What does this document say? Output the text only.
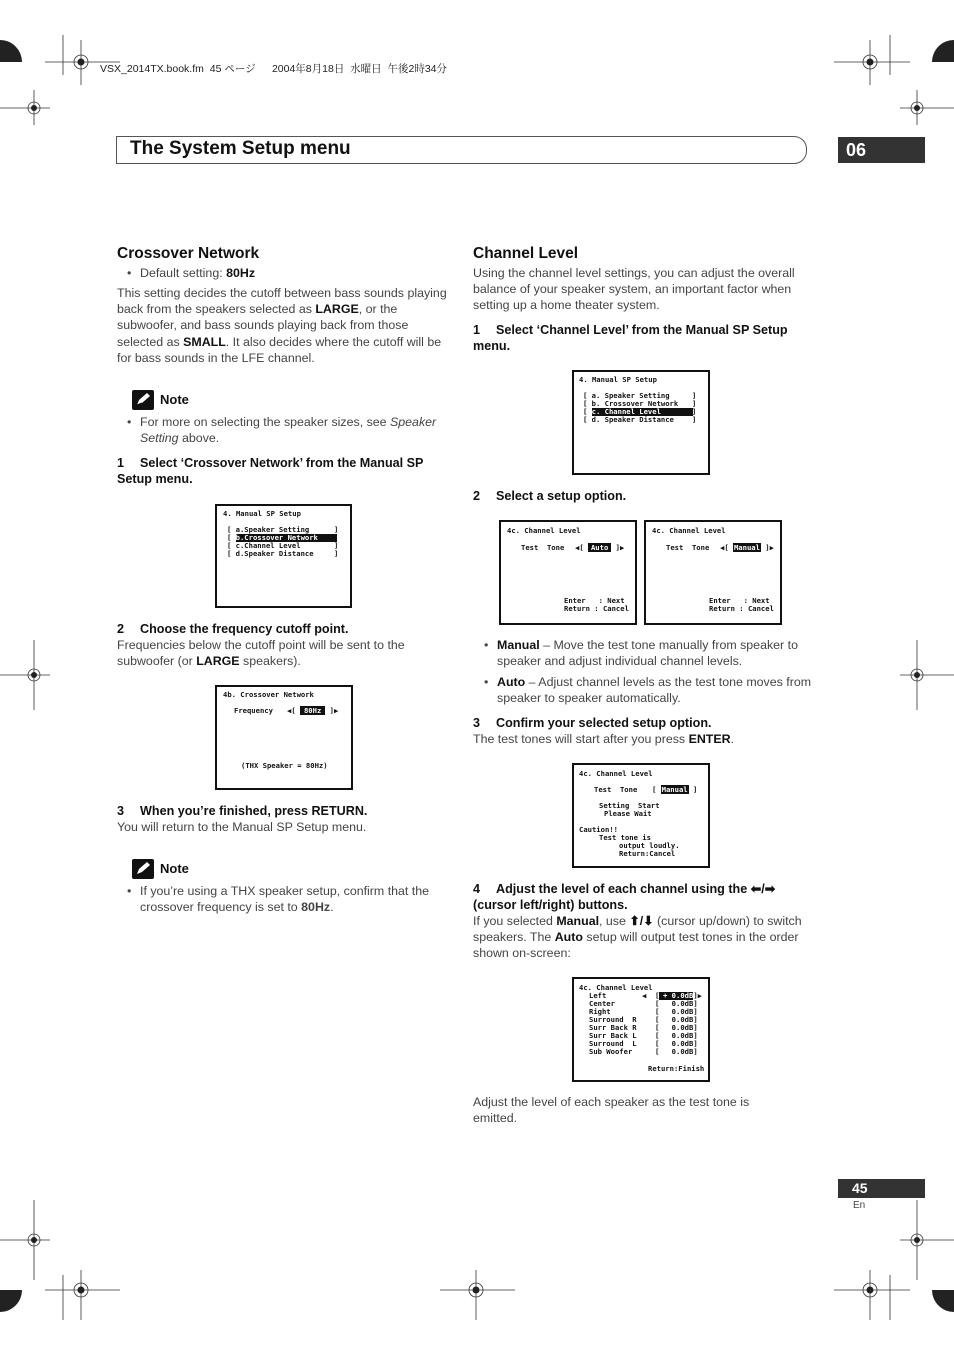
VSX_2014TX.book.fm  45 ページ  　2004年8月18日  水曜日  午後2時34分
The System Setup menu	06
Crossover Network
• Default setting: 80Hz
This setting decides the cutoff between bass sounds playing back from the speakers selected as LARGE, or the subwoofer, and bass sounds playing back from those selected as SMALL. It also decides where the cutoff will be for bass sounds in the LFE channel.
Note
• For more on selecting the speaker sizes, see Speaker Setting above.
1 Select ‘Crossover Network’ from the Manual SP Setup menu.
4. Manual SP Setup
[ a.Speaker Setting
[ b.Crossover Network
[ c.Channel Level
[ d.Speaker Distance
]
]
]
]
2 Choose the frequency cutoff point.
Frequencies below the cutoff point will be sent to the subwoofer (or LARGE speakers).
4b. Crossover Network
Frequency ◀[ 80Hz ]▶
(THX Speaker = 80Hz)
3 When you’re finished, press RETURN.
You will return to the Manual SP Setup menu.
Note
• If you’re using a THX speaker setup, confirm that the crossover frequency is set to 80Hz.
Channel Level
Using the channel level settings, you can adjust the overall balance of your speaker system, an important factor when setting up a home theater system.
1 Select ‘Channel Level’ from the Manual SP Setup menu.
4. Manual SP Setup
[ a. Speaker Setting
[ b. Crossover Network
[ c. Channel Level
[ d. Speaker Distance
]
]
]
]
2 Select a setup option.
4c. Channel Level
Test  Tone ◀[ Auto ]▶
Enter   : Next
Return : Cancel
4c. Channel Level
Test  Tone ◀[ Manual ]▶
Enter   : Next
Return : Cancel
• Manual – Move the test tone manually from speaker to speaker and adjust individual channel levels.
• Auto – Adjust channel levels as the test tone moves from speaker to speaker automatically.
3 Confirm your selected setup option.
The test tones will start after you press ENTER.
4c. Channel Level
Test  Tone [ Manual ]
Setting  Start
Please Wait
Caution!!
Test tone is
output loudly.
Return:Cancel
4 Adjust the level of each channel using the ⬅/➡ (cursor left/right) buttons.
If you selected Manual, use ⬆/⬇ (cursor up/down) to switch speakers. The Auto setup will output test tones in the order shown on-screen:
4c. Channel Level
Return:Finish
Left	◀  [ + 0.0dB]▶
Center	[ 0.0dB]
Right	[ 0.0dB]
Surround  R [ 0.0dB]
Surr Back R [ 0.0dB]
Surr Back L [ 0.0dB]
Surround  L [ 0.0dB]
Sub Woofer [ 0.0dB]
Adjust the level of each speaker as the test tone is emitted.
45
En
